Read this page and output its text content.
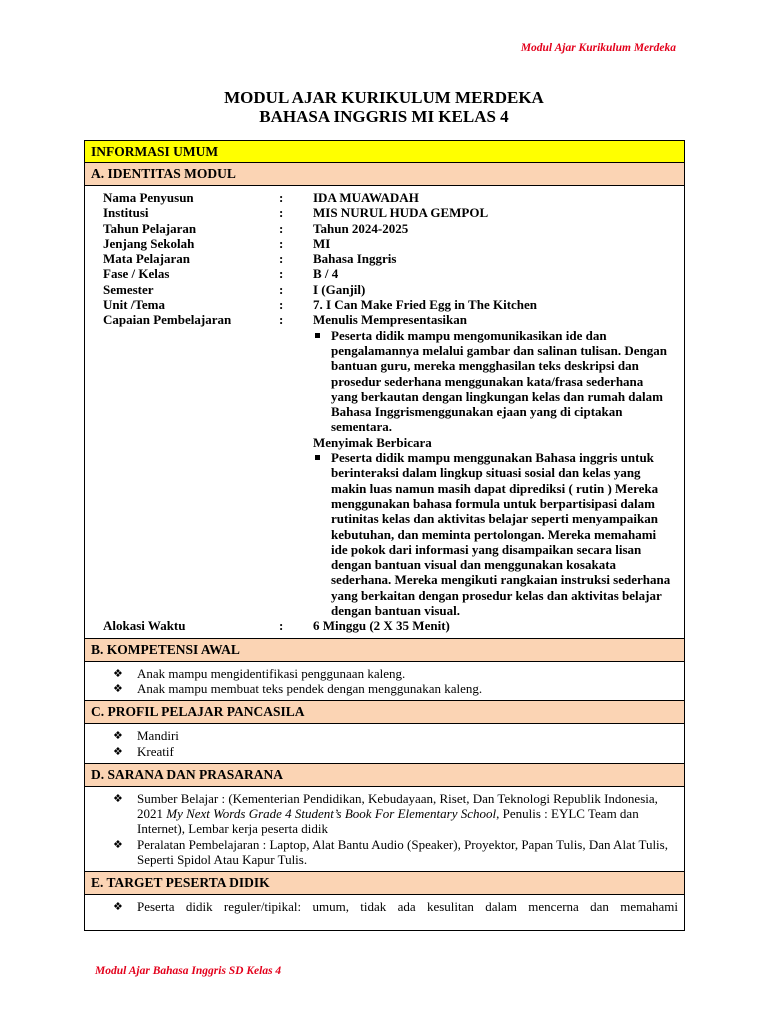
Modul Ajar Kurikulum Merdeka
MODUL AJAR KURIKULUM MERDEKA
BAHASA INGGRIS MI KELAS 4
INFORMASI UMUM
A. IDENTITAS MODUL
Nama Penyusun	:	IDA MUAWADAH
Institusi	:	MIS NURUL HUDA GEMPOL
Tahun Pelajaran	:	Tahun 2024-2025
Jenjang Sekolah	:	MI
Mata Pelajaran	:	Bahasa Inggris
Fase / Kelas	:	B / 4
Semester	:	I (Ganjil)
Unit /Tema	:	7. I Can Make Fried Egg in The Kitchen
Capaian Pembelajaran	:	Menulis Mempresentasikan
Peserta didik mampu mengomunikasikan ide dan pengalamannya melalui gambar dan salinan tulisan. Dengan bantuan guru, mereka mengghasilan teks deskripsi dan prosedur sederhana menggunakan kata/frasa sederhana yang berkautan dengan lingkungan kelas dan rumah dalam Bahasa Inggrismenggunakan ejaan yang di ciptakan sementara.
Menyimak Berbicara
Peserta didik mampu menggunakan Bahasa inggris untuk berinteraksi dalam lingkup situasi sosial dan kelas yang makin luas namun masih dapat diprediksi ( rutin ) Mereka menggunakan bahasa formula untuk berpartisipasi dalam rutinitas kelas dan aktivitas belajar seperti menyampaikan kebutuhan, dan meminta pertolongan. Mereka memahami ide pokok dari informasi yang disampaikan secara lisan dengan bantuan visual dan menggunakan kosakata sederhana. Mereka mengikuti rangkaian instruksi sederhana yang berkaitan dengan prosedur kelas dan aktivitas belajar dengan bantuan visual.
Alokasi Waktu	:	6 Minggu (2 X 35 Menit)
B. KOMPETENSI AWAL
❖ Anak mampu mengidentifikasi penggunaan kaleng.
❖ Anak mampu membuat teks pendek dengan menggunakan kaleng.
C. PROFIL PELAJAR PANCASILA
❖ Mandiri
❖ Kreatif
D. SARANA DAN PRASARANA
❖ Sumber Belajar : (Kementerian Pendidikan, Kebudayaan, Riset, Dan Teknologi Republik Indonesia, 2021 My Next Words Grade 4 Student’s Book For Elementary School, Penulis : EYLC Team dan Internet), Lembar kerja peserta didik
❖ Peralatan Pembelajaran : Laptop, Alat Bantu Audio (Speaker), Proyektor, Papan Tulis, Dan Alat Tulis, Seperti Spidol Atau Kapur Tulis.
E. TARGET PESERTA DIDIK
❖ Peserta didik reguler/tipikal: umum, tidak ada kesulitan dalam mencerna dan memahami
Modul Ajar Bahasa Inggris SD Kelas 4
